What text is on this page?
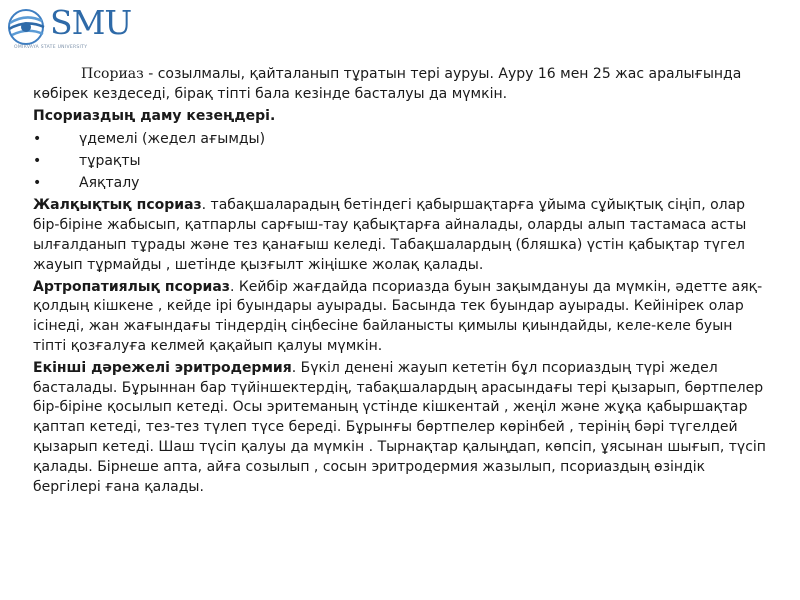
SMU
OMIRVAYA STATE UNIVERSITY

Псориаз - созылмалы, қайталанып тұратын тері ауруы. Ауру 16 мен 25 жас аралығында көбірек кездеседі, бірақ тіпті бала кезінде басталуы да мүмкін.

Псориаздың даму кезеңдері.

•	үдемелі (жедел ағымды)
•	тұрақты
•	Аяқталу

Жалқықтық псориаз. табақшаларадың бетіндегі қабыршақтарға ұйыма сұйықтық сіңіп, олар бір-біріне жабысып, қатпарлы сарғыш-тау қабықтарға айналады, оларды алып тастамаса асты ылғалданып тұрады және тез қанағыш келеді. Табақшалардың (бляшка) үстін қабықтар түгел жауып тұрмайды , шетінде қызғылт жіңішке жолақ қалады.

Артропатиялық псориаз. Кейбір жағдайда псориазда буын зақымдануы да мүмкін, әдетте аяқ-қолдың кішкене , кейде ірі буындары ауырады. Басында тек буындар ауырады. Кейінірек олар ісінеді, жан жағындағы тіндердің сіңбесіне байланысты қимылы қиындайды, келе-келе буын тіпті қозғалуға келмей қақайып қалуы мүмкін.

Екінші дәрежелі эритродермия. Бүкіл денені жауып кететін бұл псориаздың түрі жедел басталады. Бұрыннан бар түйіншектердің, табақшалардың арасындағы тері қызарып, бөртпелер бір-біріне қосылып кетеді. Осы эритеманың үстінде кішкентай , жеңіл және жұқа қабыршақтар қаптап кетеді, тез-тез түлеп түсе береді. Бұрынғы бөртпелер көрінбей , терінің бәрі түгелдей қызарып кетеді. Шаш түсіп қалуы да мүмкін . Тырнақтар қалыңдап, көпсіп, ұясынан шығып, түсіп қалады. Бірнеше апта, айға созылып , сосын эритродермия жазылып, псориаздың өзіндік бергілері ғана қалады.
